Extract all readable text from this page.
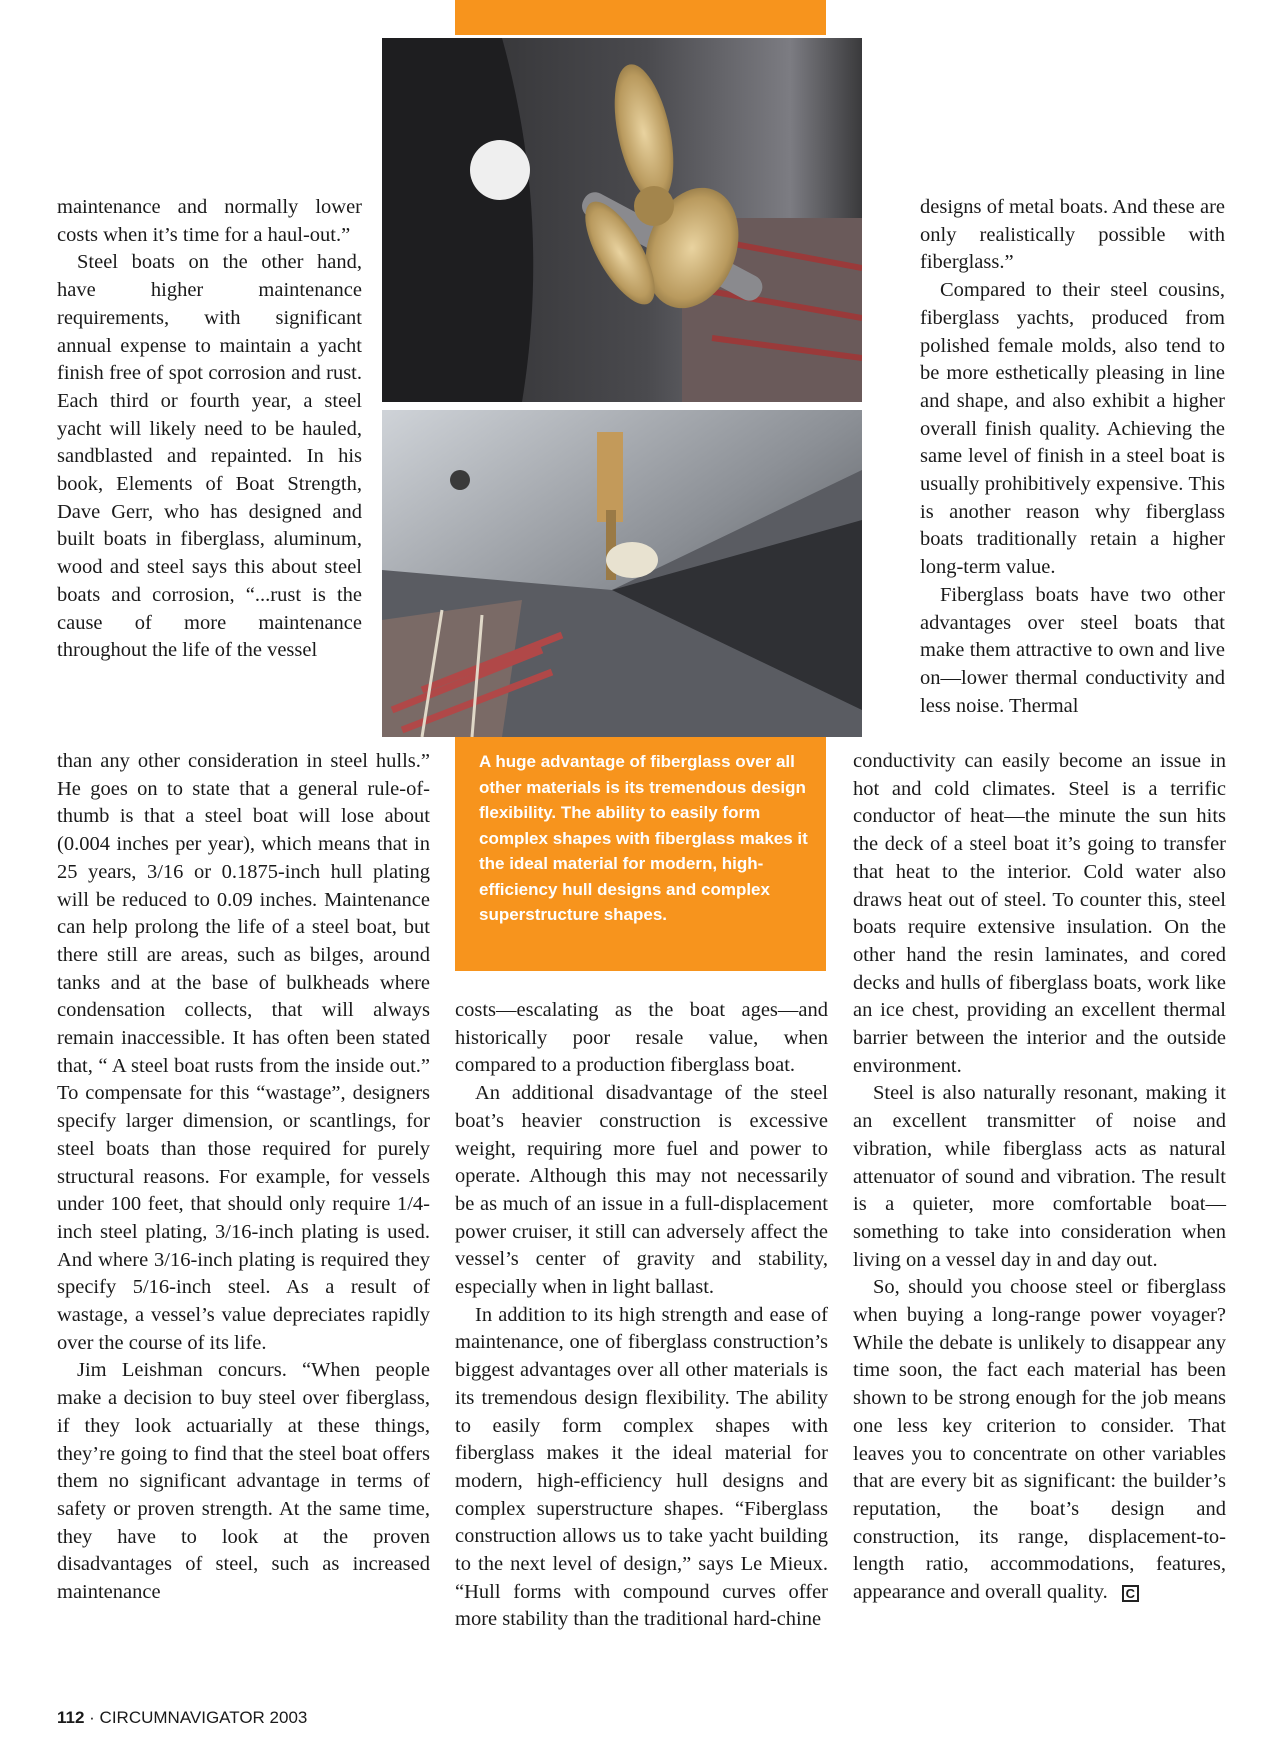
A huge advantage of fiberglass over all other materials is its tremendous design flexibility. The ability to easily form complex shapes with fiberglass makes it the ideal material for modern, high-efficiency hull designs and complex superstructure shapes.

maintenance and normally lower costs when it’s time for a haul-out.”

Steel boats on the other hand, have higher maintenance requirements, with significant annual expense to maintain a yacht finish free of spot corrosion and rust. Each third or fourth year, a steel yacht will likely need to be hauled, sandblasted and repainted. In his book, Elements of Boat Strength, Dave Gerr, who has designed and built boats in fiberglass, aluminum, wood and steel says this about steel boats and corrosion, “...rust is the cause of more maintenance throughout the life of the vessel

than any other consideration in steel hulls.” He goes on to state that a general rule-of-thumb is that a steel boat will lose about (0.004 inches per year), which means that in 25 years, 3/16 or 0.1875-inch hull plating will be reduced to 0.09 inches. Maintenance can help prolong the life of a steel boat, but there still are areas, such as bilges, around tanks and at the base of bulkheads where condensation collects, that will always remain inaccessible. It has often been stated that, “ A steel boat rusts from the inside out.” To compensate for this “wastage”, designers specify larger dimension, or scantlings, for steel boats than those required for purely structural reasons. For example, for vessels under 100 feet, that should only require 1/4-inch steel plating, 3/16-inch plating is used. And where 3/16-inch plating is required they specify 5/16-inch steel. As a result of wastage, a vessel’s value depreciates rapidly over the course of its life.

Jim Leishman concurs. “When people make a decision to buy steel over fiberglass, if they look actuarially at these things, they’re going to find that the steel boat offers them no significant advantage in terms of safety or proven strength. At the same time, they have to look at the proven disadvantages of steel, such as increased maintenance

costs—escalating as the boat ages—and historically poor resale value, when compared to a production fiberglass boat.

An additional disadvantage of the steel boat’s heavier construction is excessive weight, requiring more fuel and power to operate. Although this may not necessarily be as much of an issue in a full-displacement power cruiser, it still can adversely affect the vessel’s center of gravity and stability, especially when in light ballast.

In addition to its high strength and ease of maintenance, one of fiberglass construction’s biggest advantages over all other materials is its tremendous design flexibility. The ability to easily form complex shapes with fiberglass makes it the ideal material for modern, high-efficiency hull designs and complex superstructure shapes. “Fiberglass construction allows us to take yacht building to the next level of design,” says Le Mieux. “Hull forms with compound curves offer more stability than the traditional hard-chine

designs of metal boats. And these are only realistically possible with fiberglass.”

Compared to their steel cousins, fiberglass yachts, produced from polished female molds, also tend to be more esthetically pleasing in line and shape, and also exhibit a higher overall finish quality. Achieving the same level of finish in a steel boat is usually prohibitively expensive. This is another reason why fiberglass boats traditionally retain a higher long-term value.

Fiberglass boats have two other advantages over steel boats that make them attractive to own and live on—lower thermal conductivity and less noise. Thermal

conductivity can easily become an issue in hot and cold climates. Steel is a terrific conductor of heat—the minute the sun hits the deck of a steel boat it’s going to transfer that heat to the interior. Cold water also draws heat out of steel. To counter this, steel boats require extensive insulation. On the other hand the resin laminates, and cored decks and hulls of fiberglass boats, work like an ice chest, providing an excellent thermal barrier between the interior and the outside environment.

Steel is also naturally resonant, making it an excellent transmitter of noise and vibration, while fiberglass acts as natural attenuator of sound and vibration. The result is a quieter, more comfortable boat—something to take into consideration when living on a vessel day in and day out.

So, should you choose steel or fiberglass when buying a long-range power voyager? While the debate is unlikely to disappear any time soon, the fact each material has been shown to be strong enough for the job means one less key criterion to consider. That leaves you to concentrate on other variables that are every bit as significant: the builder’s reputation, the boat’s design and construction, its range, displacement-to-length ratio, accommodations, features, appearance and overall quality. C

112 · CIRCUMNAVIGATOR 2003
